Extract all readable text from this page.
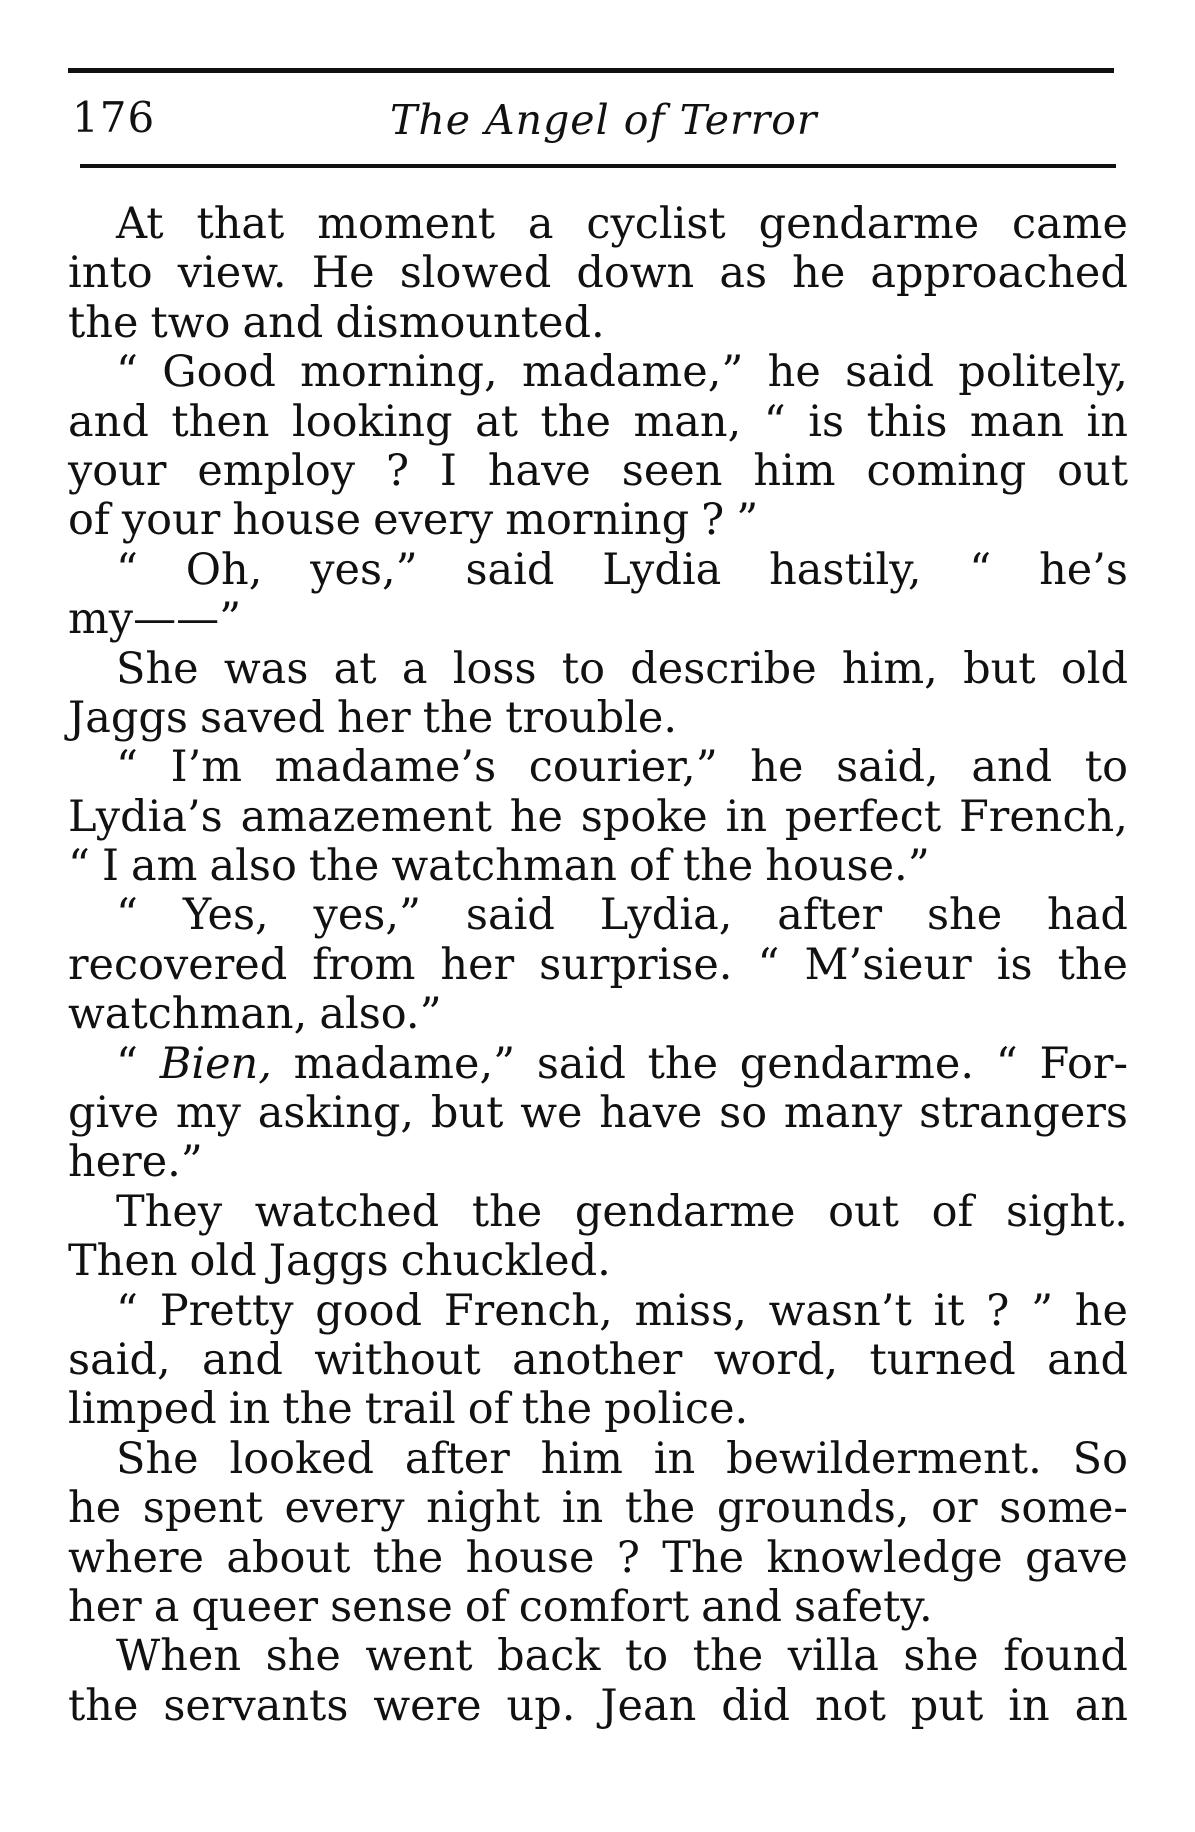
176	The Angel of Terror
At that moment a cyclist gendarme came
into view. He slowed down as he approached
the two and dismounted.
“ Good morning, madame,” he said politely,
and then looking at the man, “ is this man in
your employ ? I have seen him coming out
of your house every morning ? ”
“ Oh, yes,” said Lydia hastily, “ he’s
my——”
She was at a loss to describe him, but old
Jaggs saved her the trouble.
“ I’m madame’s courier,” he said, and to
Lydia’s amazement he spoke in perfect French,
“ I am also the watchman of the house.”
“ Yes, yes,” said Lydia, after she had
recovered from her surprise. “ M’sieur is the
watchman, also.”
“ Bien, madame,” said the gendarme. “ For-
give my asking, but we have so many strangers
here.”
They watched the gendarme out of sight.
Then old Jaggs chuckled.
“ Pretty good French, miss, wasn’t it ? ” he
said, and without another word, turned and
limped in the trail of the police.
She looked after him in bewilderment. So
he spent every night in the grounds, or some-
where about the house ? The knowledge gave
her a queer sense of comfort and safety.
When she went back to the villa she found
the servants were up. Jean did not put in an
